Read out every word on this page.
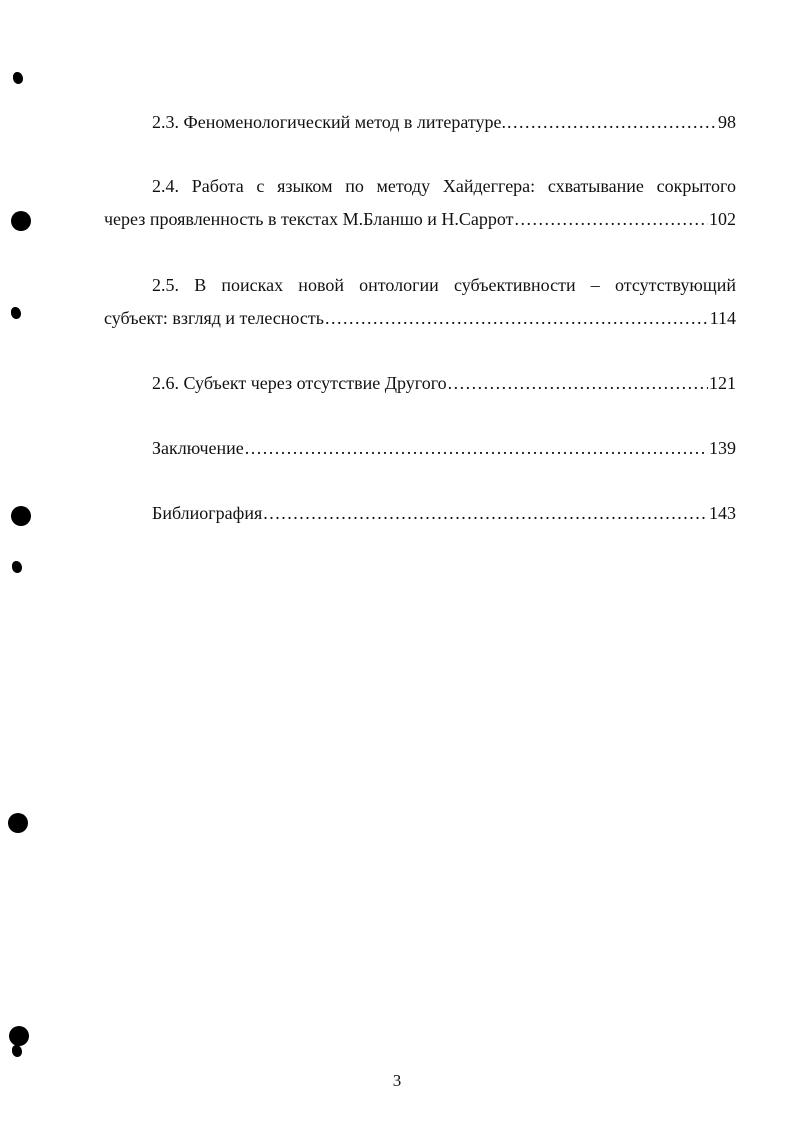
2.3. Феноменологический метод в литературе. .....	98
2.4. Работа с языком по методу Хайдеггера: схватывание сокрытого
через проявленность в текстах М.Бланшо и Н.Саррот .....	102
2.5. В поисках новой онтологии субъективности – отсутствующий
субъект: взгляд и телесность .....	114
2.6. Субъект через отсутствие Другого .....	121
Заключение .....	139
Библиография .....	143
3
